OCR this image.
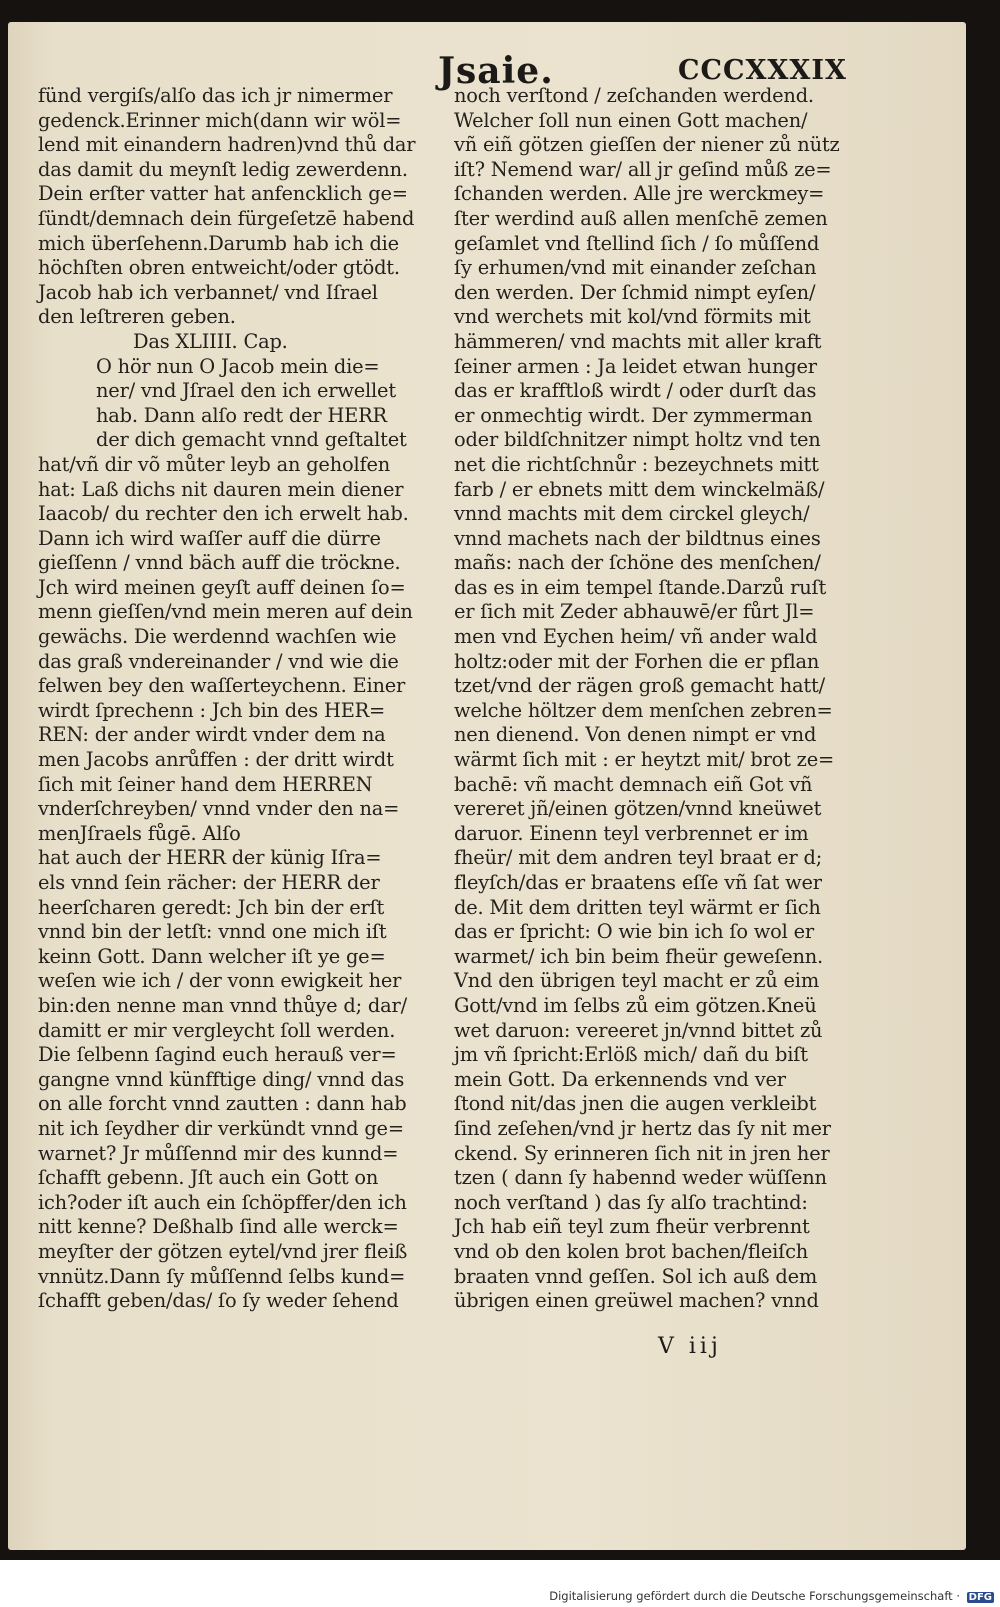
Jsaie.	CCCXXXIX
fünd vergiſs/alſo das ich jr nimermer
gedenck.Erinner mich(dann wir wöl=
lend mit einandern hadren)vnd thů dar
das damit du meynſt ledig zewerdenn.
Dein erſter vatter hat anfencklich ge=
ſündt/demnach dein fürgeſetzē habend
mich überſehenn.Darumb hab ich die
höchſten obren entweicht/oder gtödt.
Jacob hab ich verbannet/ vnd Iſrael
den leſtreren geben.
Das XLIIII. Cap.
O hör nun O Jacob mein die=
ner/ vnd Jſrael den ich erwellet
hab. Dann alſo redt der HERR
der dich gemacht vnnd geſtaltet
hat/vñ dir võ můter leyb an geholfen
hat: Laß dichs nit dauren mein diener
Iaacob/ du rechter den ich erwelt hab.
Dann ich wird waſſer auff die dürre
gieſſenn / vnnd bäch auff die tröckne.
Jch wird meinen geyſt auff deinen ſo=
menn gieſſen/vnd mein meren auf dein
gewächs. Die werdennd wachſen wie
das graß vndereinander / vnd wie die
felwen bey den waſſerteychenn. Einer
wirdt ſprechenn : Jch bin des HER=
REN: der ander wirdt vnder dem na
men Jacobs anrůffen : der dritt wirdt
ſich mit ſeiner hand dem HERREN
vnderſchreyben/ vnnd vnder den na=
menJſraels fůgē. Alſo
hat auch der HERR der künig Iſra=
els vnnd ſein rächer: der HERR der
heerſcharen geredt: Jch bin der erſt
vnnd bin der letſt: vnnd one mich iſt
keinn Gott. Dann welcher iſt ye ge=
weſen wie ich / der vonn ewigkeit her
bin:den nenne man vnnd thůye d; dar/
damitt er mir vergleycht ſoll werden.
Die ſelbenn ſagind euch herauß ver=
gangne vnnd künfftige ding/ vnnd das
on alle forcht vnnd zautten : dann hab
nit ich ſeydher dir verkündt vnnd ge=
warnet? Jr můſſennd mir des kunnd=
ſchafft gebenn. Jſt auch ein Gott on
ich?oder iſt auch ein ſchöpffer/den ich
nitt kenne? Deßhalb ſind alle werck=
meyſter der götzen eytel/vnd jrer fleiß
vnnütz.Dann ſy můſſennd ſelbs kund=
ſchafft geben/das/ ſo ſy weder ſehend
noch verſtond / zeſchanden werdend.
Welcher ſoll nun einen Gott machen/
vñ eiñ götzen gieſſen der niener zů nütz
iſt? Nemend war/ all jr geſind můß ze=
ſchanden werden. Alle jre werckmey=
ſter werdind auß allen menſchē zemen
geſamlet vnd ſtellind ſich / ſo můſſend
ſy erhumen/vnd mit einander zeſchan
den werden. Der ſchmid nimpt eyſen/
vnd werchets mit kol/vnd förmits mit
hämmeren/ vnd machts mit aller kraft
ſeiner armen : Ja leidet etwan hunger
das er krafftloß wirdt / oder durſt das
er onmechtig wirdt. Der zymmerman
oder bildſchnitzer nimpt holtz vnd ten
net die richtſchnůr : bezeychnets mitt
farb / er ebnets mitt dem winckelmäß/
vnnd machts mit dem circkel gleych/
vnnd machets nach der bildtnus eines
mañs: nach der ſchöne des menſchen/
das es in eim tempel ſtande.Darzů ruſt
er ſich mit Zeder abhauwē/er fůrt Jl=
men vnd Eychen heim/ vñ ander wald
holtz:oder mit der Forhen die er pflan
tzet/vnd der rägen groß gemacht hatt/
welche höltzer dem menſchen zebren=
nen dienend. Von denen nimpt er vnd
wärmt ſich mit : er heytzt mit/ brot ze=
bachē: vñ macht demnach eiñ Got vñ
vereret jñ/einen götzen/vnnd kneüwet
daruor. Einenn teyl verbrennet er im
fheür/ mit dem andren teyl braat er d;
fleyſch/das er braatens eſſe vñ ſat wer
de. Mit dem dritten teyl wärmt er ſich
das er ſpricht: O wie bin ich ſo wol er
warmet/ ich bin beim fheür geweſenn.
Vnd den übrigen teyl macht er zů eim
Gott/vnd im ſelbs zů eim götzen.Kneü
wet daruon: vereeret jn/vnnd bittet zů
jm vñ ſpricht:Erlöß mich/ dañ du biſt
mein Gott. Da erkennends vnd ver
ſtond nit/das jnen die augen verkleibt
ſind zeſehen/vnd jr hertz das ſy nit mer
ckend. Sy erinneren ſich nit in jren her
tzen ( dann ſy habennd weder wüſſenn
noch verſtand ) das ſy alſo trachtind:
Jch hab eiñ teyl zum fheür verbrennt
vnd ob den kolen brot bachen/fleiſch
braaten vnnd geſſen. Sol ich auß dem
übrigen einen greüwel machen? vnnd
V iij
Digitalisierung gefördert durch die Deutsche Forschungsgemeinschaft · DFG
